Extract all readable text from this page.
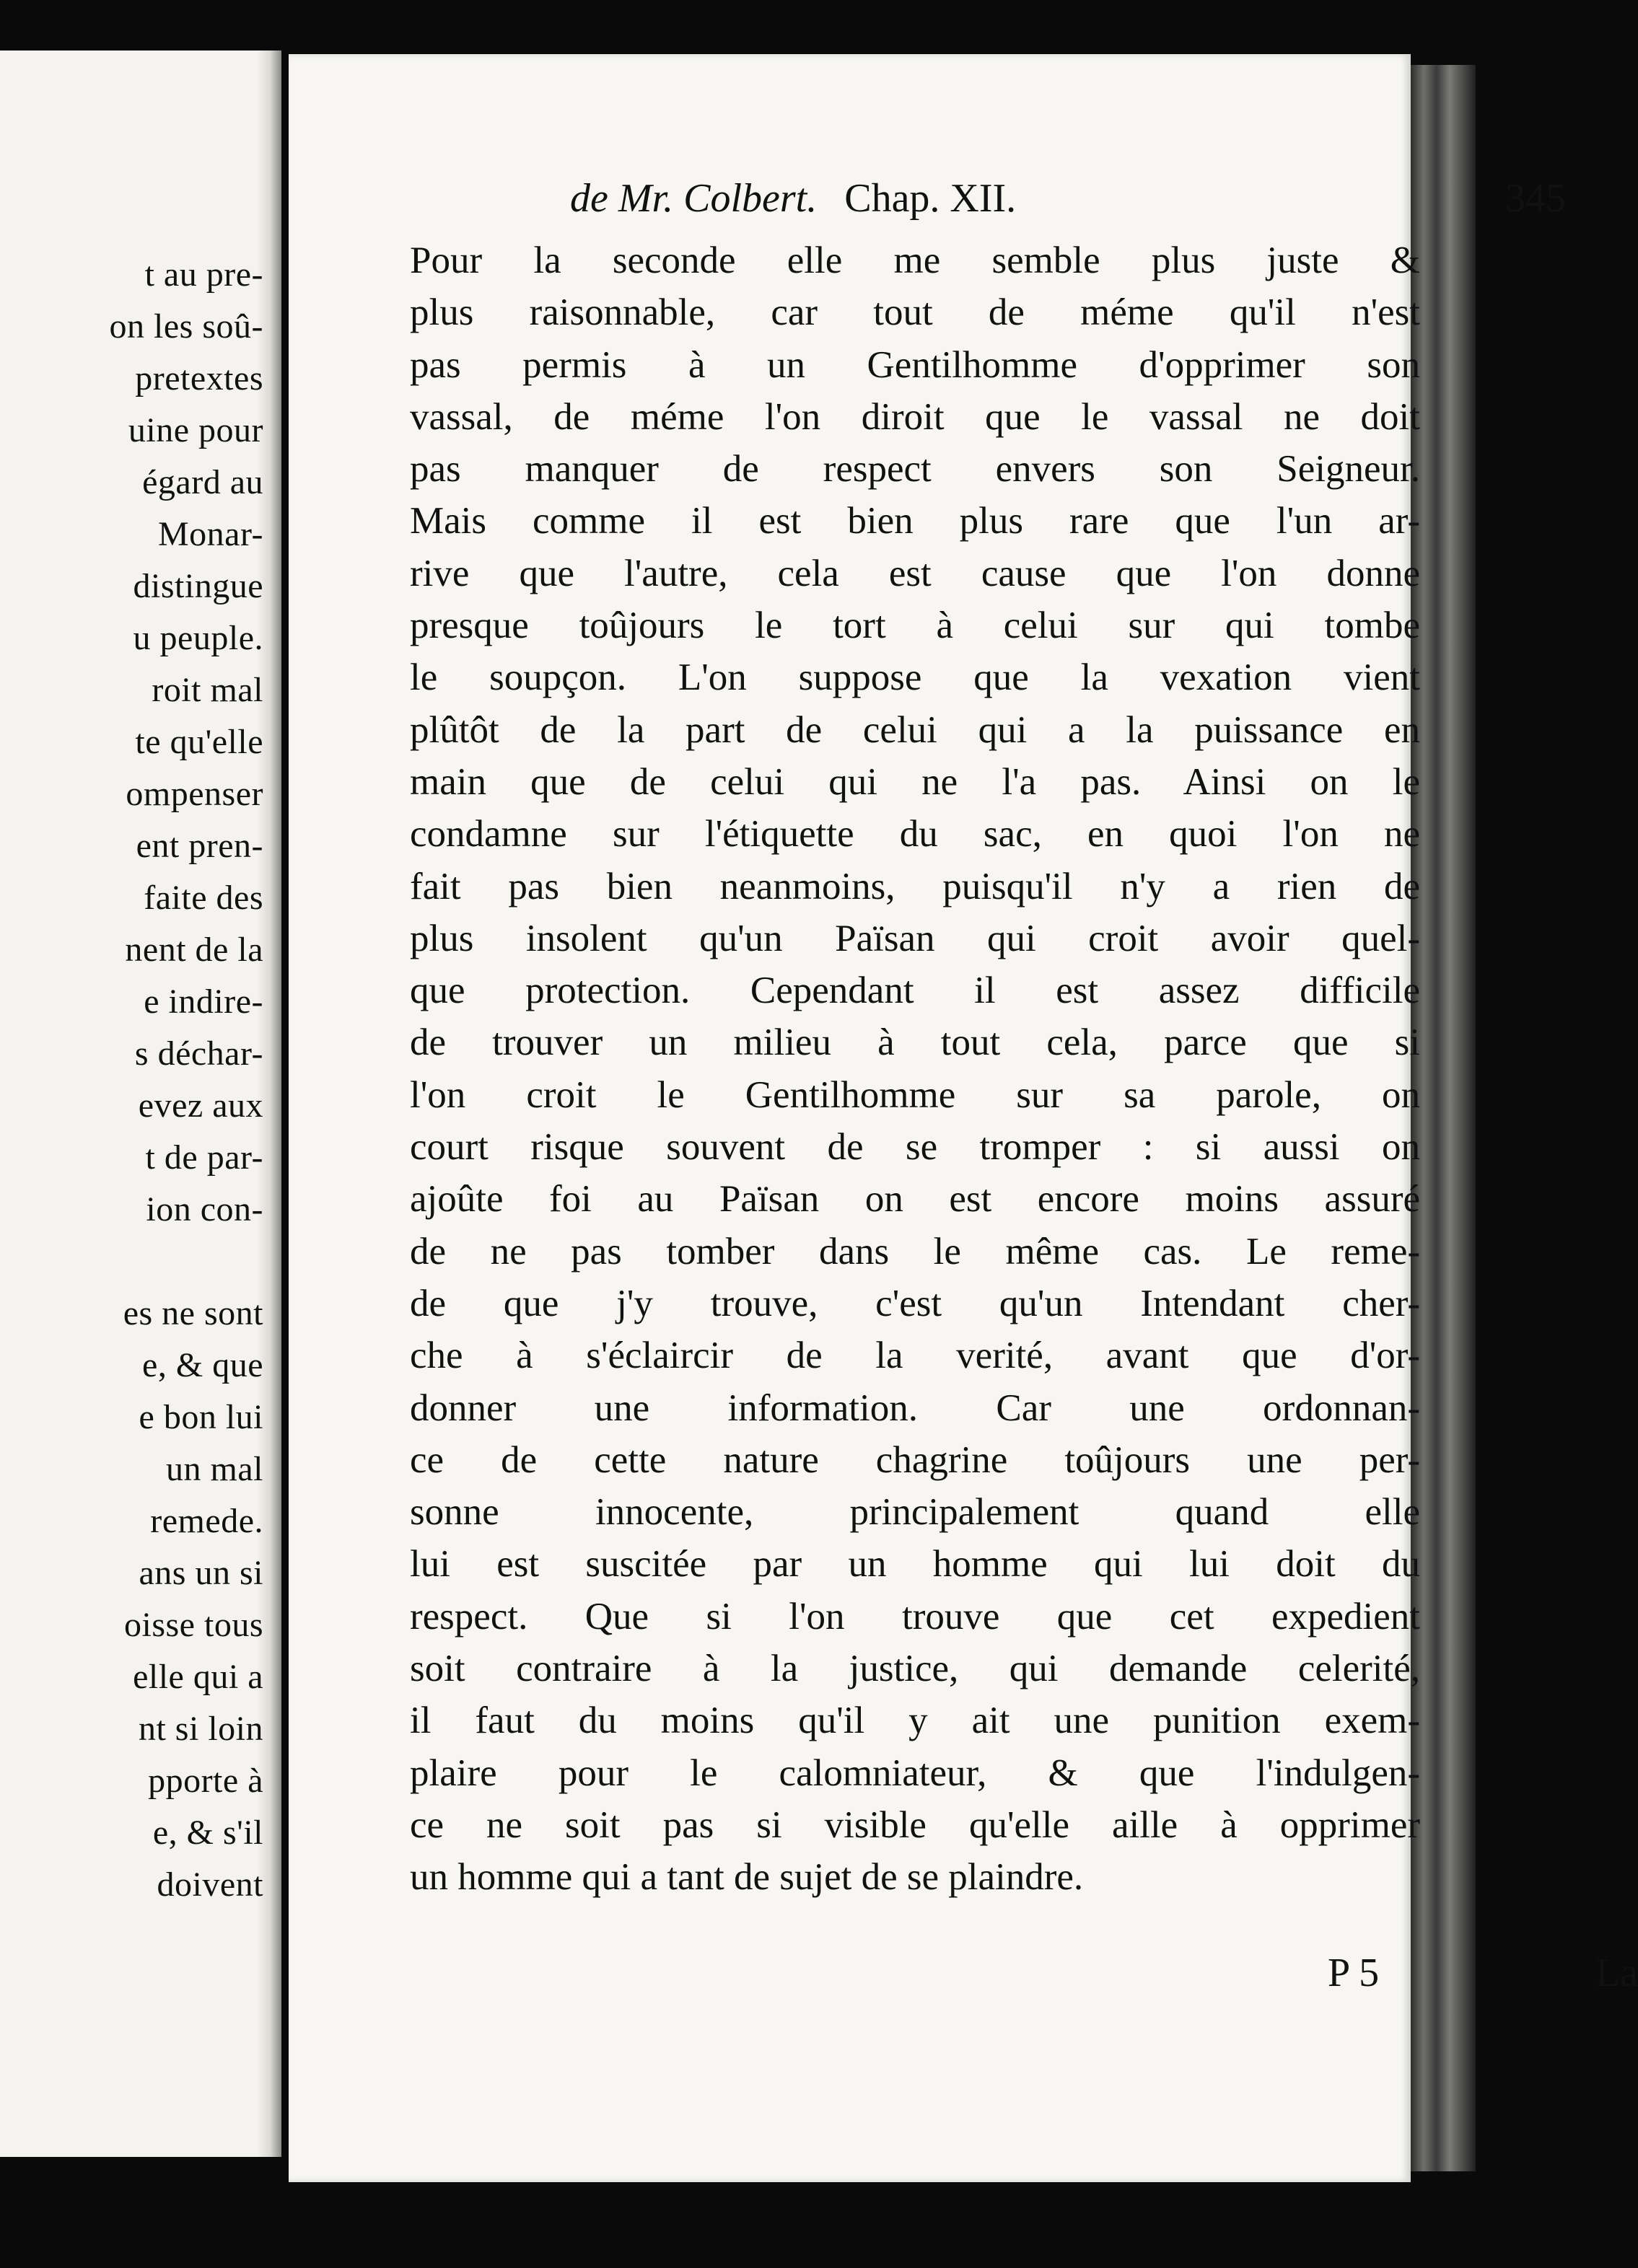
t au pre-
on les soû-
pretextes
uine pour
égard au
Monar-
distingue
u peuple.
roit mal
te qu'elle
ompenser
ent pren-
faite des
nent de la
e indire-
s déchar-
evez aux
t de par-
ion con-
es ne sont
e, & que
e bon lui
un mal
remede.
ans un si
oisse tous
elle qui a
nt si loin
pporte à
e, & s'il
doivent
de Mr. Colbert. Chap. XII.	345
Pour la seconde elle me semble plus juste &
plus raisonnable, car tout de méme qu'il n'est
pas permis à un Gentilhomme d'opprimer son
vassal, de méme l'on diroit que le vassal ne doit
pas manquer de respect envers son Seigneur.
Mais comme il est bien plus rare que l'un ar-
rive que l'autre, cela est cause que l'on donne
presque toûjours le tort à celui sur qui tombe
le soupçon. L'on suppose que la vexation vient
plûtôt de la part de celui qui a la puissance en
main que de celui qui ne l'a pas. Ainsi on le
condamne sur l'étiquette du sac, en quoi l'on ne
fait pas bien neanmoins, puisqu'il n'y a rien de
plus insolent qu'un Païsan qui croit avoir quel-
que protection. Cependant il est assez difficile
de trouver un milieu à tout cela, parce que si
l'on croit le Gentilhomme sur sa parole, on
court risque souvent de se tromper : si aussi on
ajoûte foi au Païsan on est encore moins assuré
de ne pas tomber dans le même cas. Le reme-
de que j'y trouve, c'est qu'un Intendant cher-
che à s'éclaircir de la verité, avant que d'or-
donner une information. Car une ordonnan-
ce de cette nature chagrine toûjours une per-
sonne innocente, principalement quand elle
lui est suscitée par un homme qui lui doit du
respect. Que si l'on trouve que cet expedient
soit contraire à la justice, qui demande celerité,
il faut du moins qu'il y ait une punition exem-
plaire pour le calomniateur, & que l'indulgen-
ce ne soit pas si visible qu'elle aille à opprimer
un homme qui a tant de sujet de se plaindre.
P 5	La
